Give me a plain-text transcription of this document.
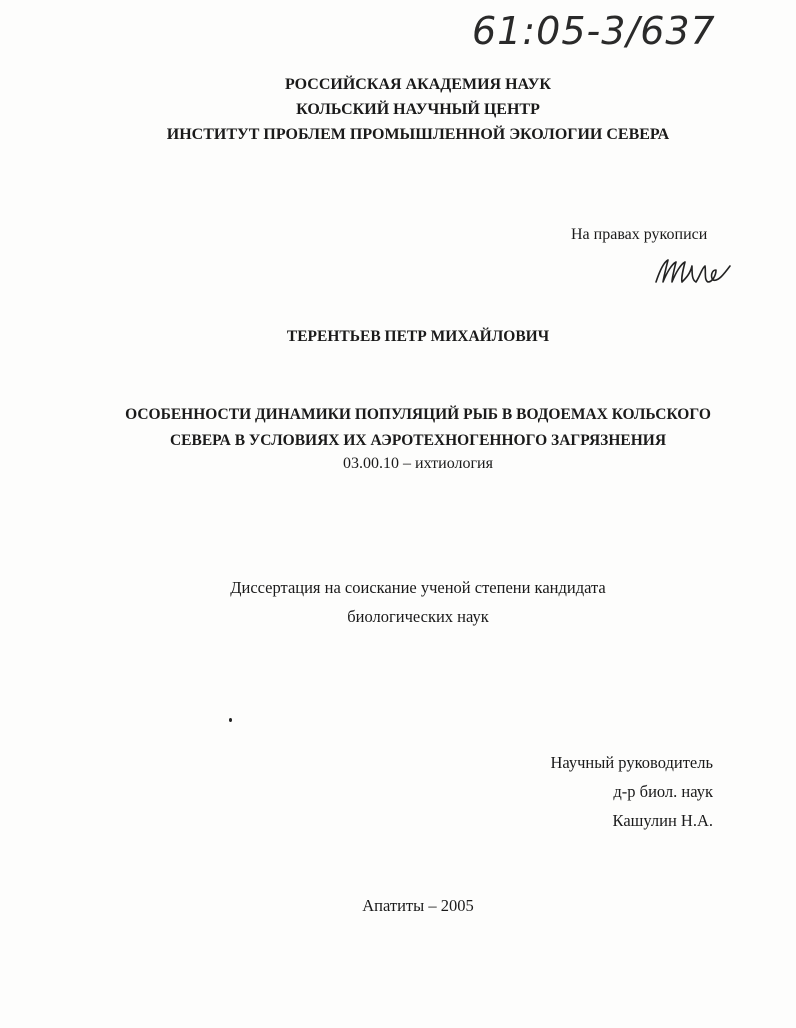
61:05-3/637
РОССИЙСКАЯ АКАДЕМИЯ НАУК
КОЛЬСКИЙ НАУЧНЫЙ ЦЕНТР
ИНСТИТУТ ПРОБЛЕМ ПРОМЫШЛЕННОЙ ЭКОЛОГИИ СЕВЕРА
На правах рукописи
ТЕРЕНТЬЕВ ПЕТР МИХАЙЛОВИЧ
ОСОБЕННОСТИ ДИНАМИКИ ПОПУЛЯЦИЙ РЫБ В ВОДОЕМАХ КОЛЬСКОГО
СЕВЕРА В УСЛОВИЯХ ИХ АЭРОТЕХНОГЕННОГО ЗАГРЯЗНЕНИЯ
03.00.10 – ихтиология
Диссертация на соискание ученой степени кандидата
биологических наук
Научный руководитель
д-р биол. наук
Кашулин Н.А.
Апатиты – 2005
